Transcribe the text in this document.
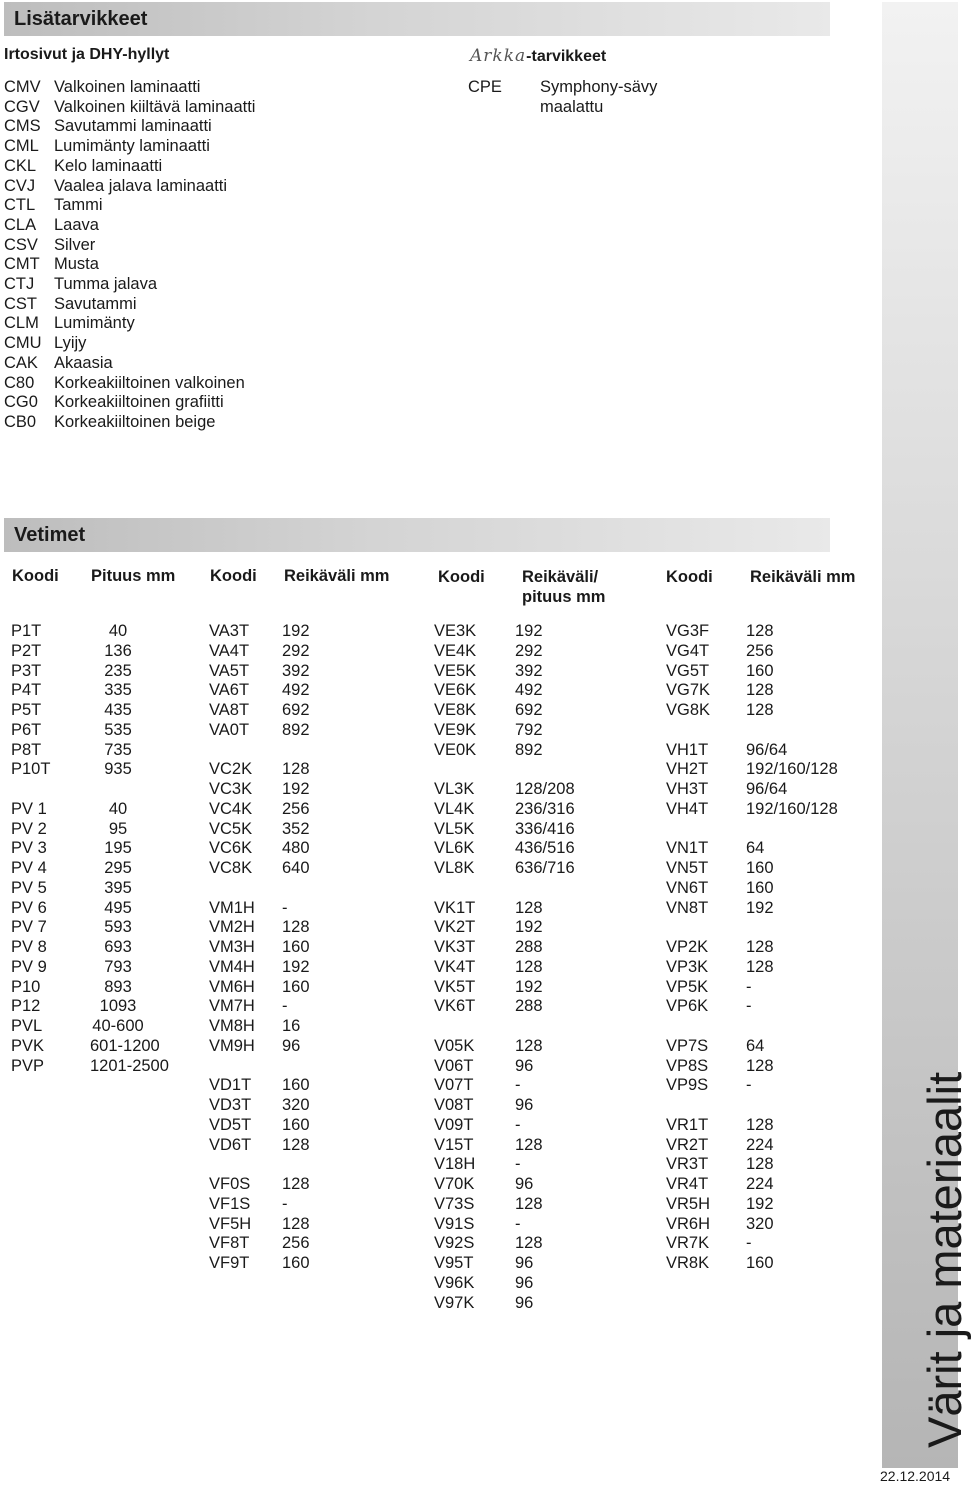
Lisätarvikkeet
Irtosivut ja DHY-hyllyt
CMV Valkoinen laminaatti
CGV Valkoinen kiiltävä laminaatti
CMS Savutammi laminaatti
CML Lumimänty laminaatti
CKL Kelo laminaatti
CVJ Vaalea jalava laminaatti
CTL Tammi
CLA Laava
CSV Silver
CMT Musta
CTJ Tumma jalava
CST Savutammi
CLM Lumimänty
CMU Lyijy
CAK Akaasia
C80 Korkeakiiltoinen valkoinen
CG0 Korkeakiiltoinen grafiitti
CB0 Korkeakiiltoinen beige
Arkka-tarvikkeet
CPE Symphony-sävy
maalattu
Vetimet
Koodi Pituus mm Koodi Reikäväli mm	Koodi Reikäväli/
pituus mm
Koodi Reikäväli mm
P1T	40
P2T	136
P3T	235
P4T	335
P5T	435
P6T	535
P8T	735
P10T	935
PV 1	40
PV 2	95
PV 3	195
PV 4	295
PV 5	395
PV 6	495
PV 7	593
PV 8	693
PV 9	793
P10	893
P12	1093
PVL	40-600
PVK	601-1200
PVP	1201-2500
VA3T 192
VA4T 292
VA5T 392
VA6T 492
VA8T 692
VA0T 892
VC2K 128
VC3K 192
VC4K 256
VC5K 352
VC6K 480
VC8K 640
VM1H -
VM2H 128
VM3H 160
VM4H 192
VM6H 160
VM7H -
VM8H 16
VM9H 96
VD1T 160
VD3T 320
VD5T 160
VD6T 128
VF0S 128
VF1S -
VF5H 128
VF8T 256
VF9T 160
VE3K 192
VE4K 292
VE5K 392
VE6K 492
VE8K 692
VE9K 792
VE0K 892
VL3K 128/208
VL4K 236/316
VL5K 336/416
VL6K 436/516
VL8K 636/716
VK1T 128
VK2T 192
VK3T 288
VK4T 128
VK5T 192
VK6T 288
V05K 128
V06T	96
V07T	-
V08T	96
V09T	-
V15T	128
V18H -
V70K 96
V73S 128
V91S -
V92S 128
V95T	96
V96K 96
V97K 96
VG3F 128
VG4T 256
VG5T 160
VG7K 128
VG8K 128
VH1T 96/64
VH2T 192/160/128
VH3T 96/64
VH4T 192/160/128
VN1T 64
VN5T 160
VN6T 160
VN8T 192
VP2K 128
VP3K 128
VP5K -
VP6K -
VP7S 64
VP8S 128
VP9S -
VR1T 128
VR2T 224
VR3T 128
VR4T 224
VR5H 192
VR6H 320
VR7K -
VR8K 160	Värit ja materiaalit
22.12.2014
